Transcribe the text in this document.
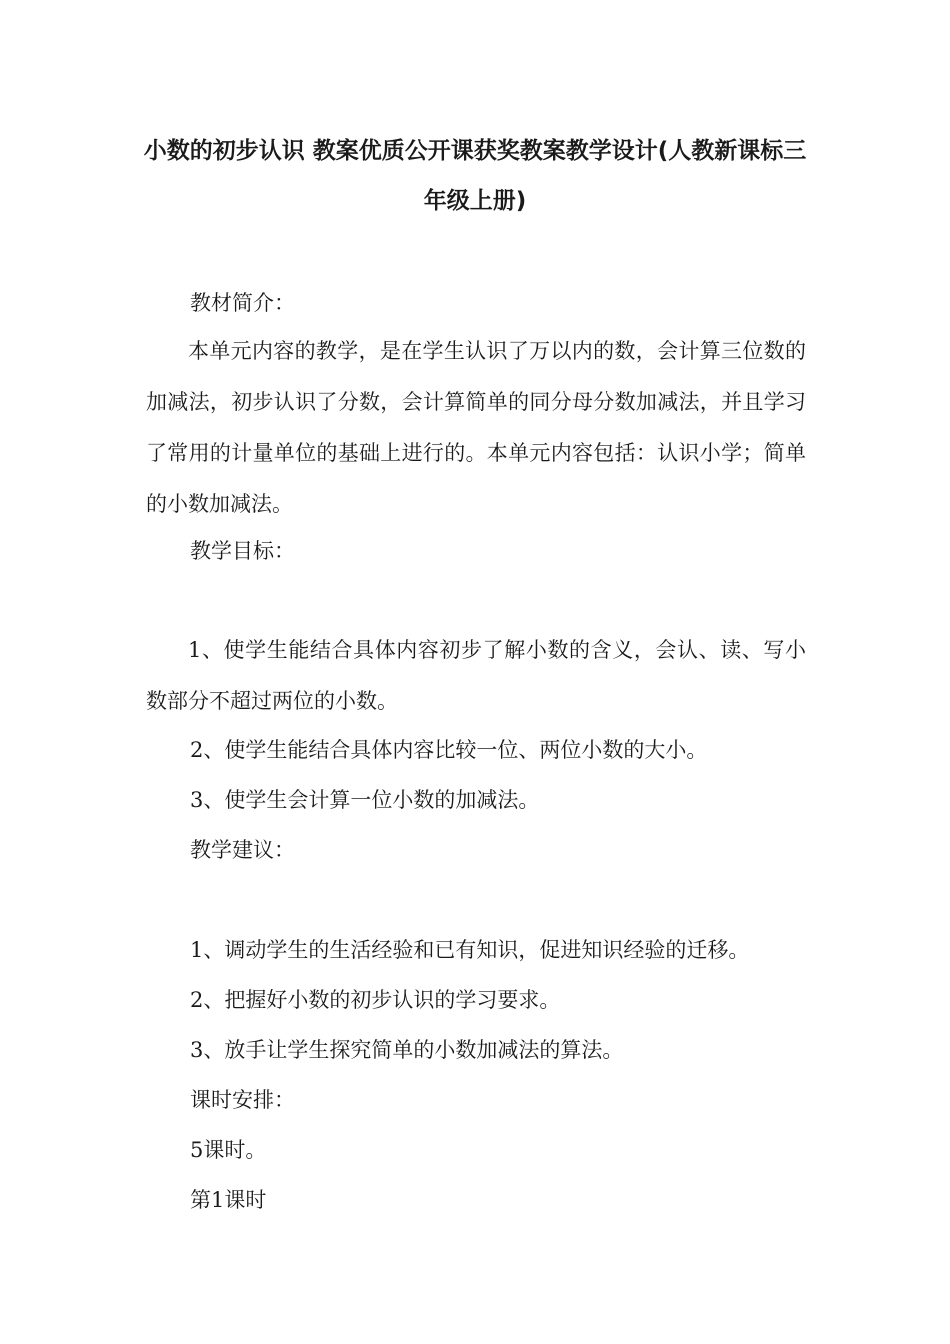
小数的初步认识 教案优质公开课获奖教案教学设计(人教新课标三
年级上册)
教材简介：

本单元内容的教学，是在学生认识了万以内的数，会计算三位数的加减法，初步认识了分数，会计算简单的同分母分数加减法，并且学习了常用的计量单位的基础上进行的。本单元内容包括：认识小学；简单的小数加减法。

教学目标：

1、使学生能结合具体内容初步了解小数的含义，会认、读、写小数部分不超过两位的小数。

2、使学生能结合具体内容比较一位、两位小数的大小。
3、使学生会计算一位小数的加减法。
教学建议：
1、调动学生的生活经验和已有知识，促进知识经验的迁移。
2、把握好小数的初步认识的学习要求。
3、放手让学生探究简单的小数加减法的算法。
课时安排：
5课时。
第1课时
